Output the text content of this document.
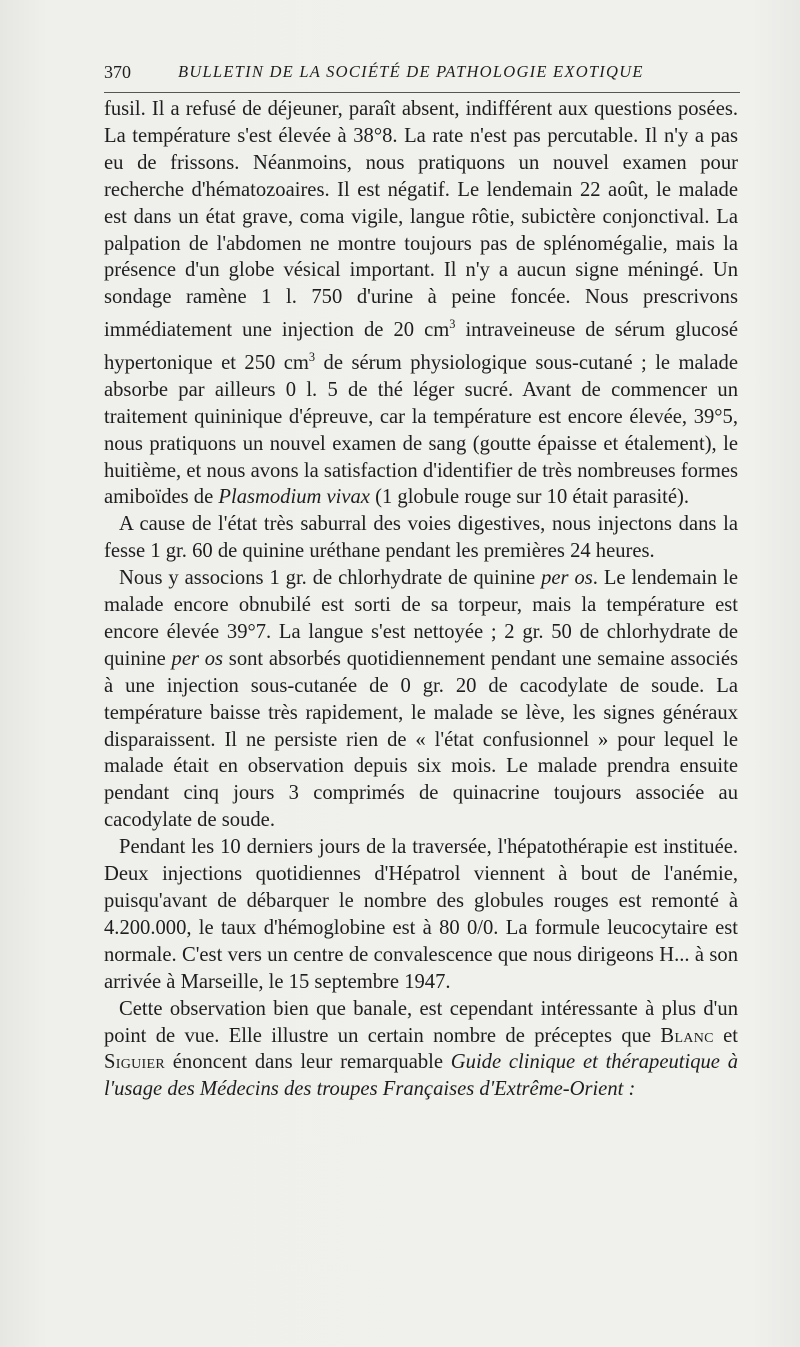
370	BULLETIN DE LA SOCIÉTÉ DE PATHOLOGIE EXOTIQUE

fusil. Il a refusé de déjeuner, paraît absent, indifférent aux questions posées. La température s'est élevée à 38°8. La rate n'est pas percutable. Il n'y a pas eu de frissons. Néanmoins, nous pratiquons un nouvel examen pour recherche d'hématozoaires. Il est négatif. Le lendemain 22 août, le malade est dans un état grave, coma vigile, langue rôtie, subictère conjonctival. La palpation de l'abdomen ne montre toujours pas de splénomégalie, mais la présence d'un globe vésical important. Il n'y a aucun signe méningé. Un sondage ramène 1 l. 750 d'urine à peine foncée. Nous prescrivons immédiatement une injection de 20 $cm^3$ intraveineuse de sérum glucosé hypertonique et 250 $cm^3$ de sérum physiologique sous-cutané ; le malade absorbe par ailleurs 0 l. 5 de thé léger sucré. Avant de commencer un traitement quininique d'épreuve, car la température est encore élevée, 39°5, nous pratiquons un nouvel examen de sang (goutte épaisse et étalement), le huitième, et nous avons la satisfaction d'identifier de très nombreuses formes amiboïdes de Plasmodium vivax (1 globule rouge sur 10 était parasité).

A cause de l'état très saburral des voies digestives, nous injectons dans la fesse 1 gr. 60 de quinine uréthane pendant les premières 24 heures.

Nous y associons 1 gr. de chlorhydrate de quinine per os. Le lendemain le malade encore obnubilé est sorti de sa torpeur, mais la température est encore élevée 39°7. La langue s'est nettoyée ; 2 gr. 50 de chlorhydrate de quinine per os sont absorbés quotidiennement pendant une semaine associés à une injection sous-cutanée de 0 gr. 20 de cacodylate de soude. La température baisse très rapidement, le malade se lève, les signes généraux disparaissent. Il ne persiste rien de « l'état confusionnel » pour lequel le malade était en observation depuis six mois. Le malade prendra ensuite pendant cinq jours 3 comprimés de quinacrine toujours associée au cacodylate de soude.

Pendant les 10 derniers jours de la traversée, l'hépatothérapie est instituée. Deux injections quotidiennes d'Hépatrol viennent à bout de l'anémie, puisqu'avant de débarquer le nombre des globules rouges est remonté à 4.200.000, le taux d'hémoglobine est à 80 0/0. La formule leucocytaire est normale. C'est vers un centre de convalescence que nous dirigeons H... à son arrivée à Marseille, le 15 septembre 1947.

Cette observation bien que banale, est cependant intéressante à plus d'un point de vue. Elle illustre un certain nombre de préceptes que Blanc et Siguier énoncent dans leur remarquable Guide clinique et thérapeutique à l'usage des Médecins des troupes Françaises d'Extrême-Orient :
